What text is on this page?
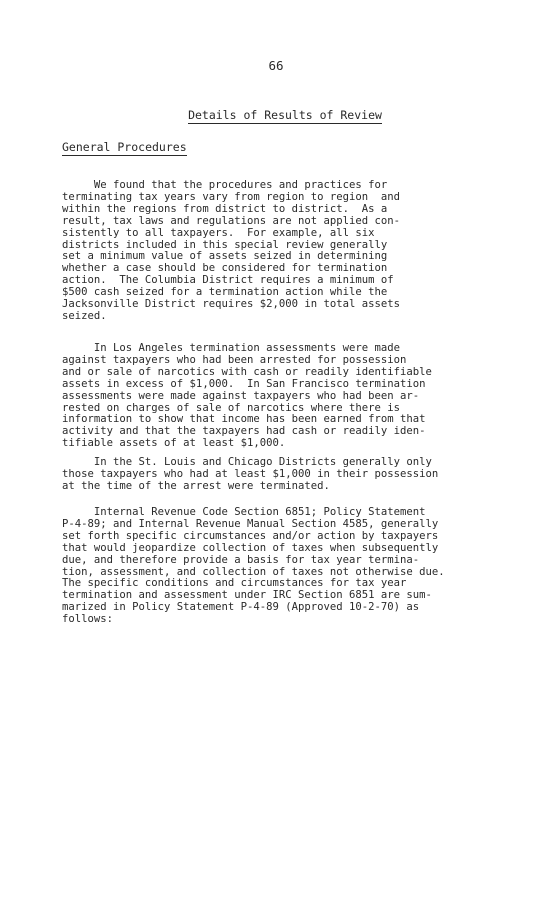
66
Details of Results of Review
General Procedures

We found that the procedures and practices for
terminating tax years vary from region to region  and
within the regions from district to district.  As a
result, tax laws and regulations are not applied con-
sistently to all taxpayers.  For example, all six
districts included in this special review generally
set a minimum value of assets seized in determining
whether a case should be considered for termination
action.  The Columbia District requires a minimum of
$500 cash seized for a termination action while the
Jacksonville District requires $2,000 in total assets
seized.

In Los Angeles termination assessments were made
against taxpayers who had been arrested for possession
and or sale of narcotics with cash or readily identifiable
assets in excess of $1,000.  In San Francisco termination
assessments were made against taxpayers who had been ar-
rested on charges of sale of narcotics where there is
information to show that income has been earned from that
activity and that the taxpayers had cash or readily iden-
tifiable assets of at least $1,000.

In the St. Louis and Chicago Districts generally only
those taxpayers who had at least $1,000 in their possession
at the time of the arrest were terminated.

Internal Revenue Code Section 6851; Policy Statement
P-4-89; and Internal Revenue Manual Section 4585, generally
set forth specific circumstances and/or action by taxpayers
that would jeopardize collection of taxes when subsequently
due, and therefore provide a basis for tax year termina-
tion, assessment, and collection of taxes not otherwise due.
The specific conditions and circumstances for tax year
termination and assessment under IRC Section 6851 are sum-
marized in Policy Statement P-4-89 (Approved 10-2-70) as
follows:
